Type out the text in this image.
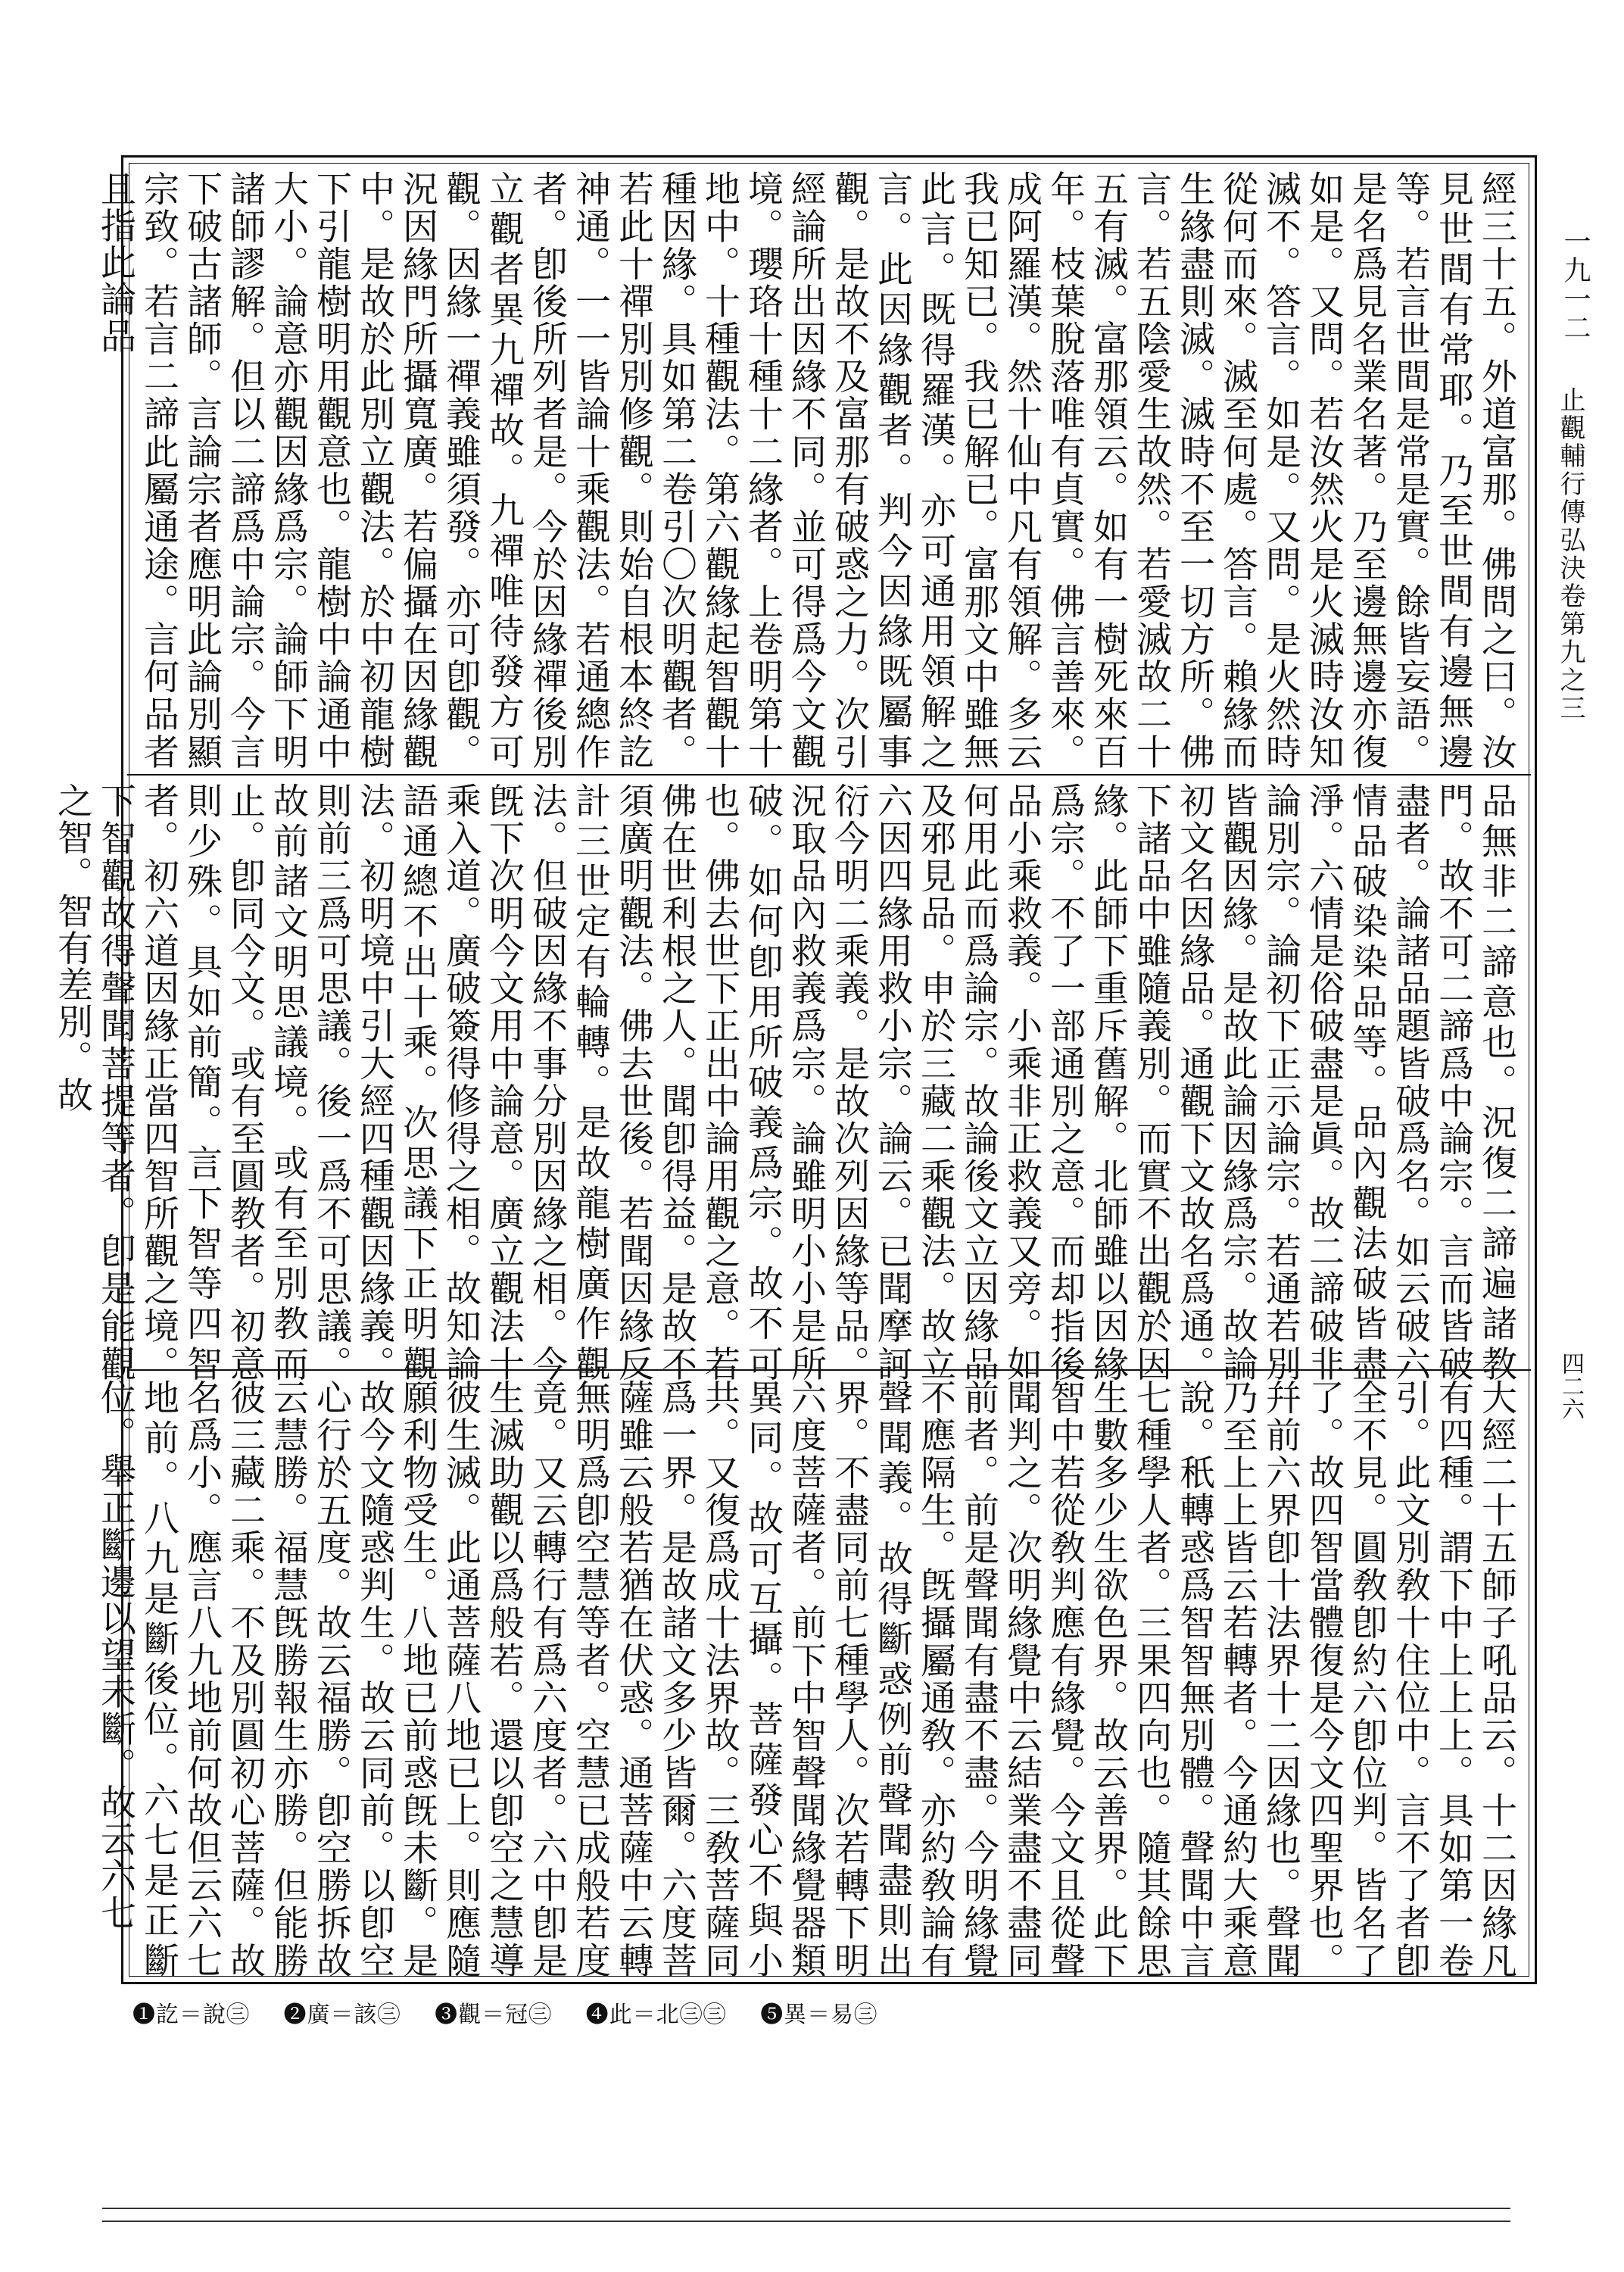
一九一二
止觀輔行傳弘決卷第九之三
四二六

經三十五。外道富那。佛問之曰。汝見世間有常耶。乃至世間有邊無邊等。若言世間是常是實。餘皆妄語。是名爲見名業名著。乃至邊無邊亦復如是。又問。若汝然火是火滅時汝知滅不。答言。如是。又問。是火然時從何而來。滅至何處。答言。賴緣而生緣盡則滅。滅時不至一切方所。佛言。若五陰愛生故然。若愛滅故二十五有滅。富那領云。如有一樹死來百年。枝葉脫落唯有貞實。佛言善來。成阿羅漢。然十仙中凡有領解。多云我已知已。我已解已。富那文中雖無此言。既得羅漢。亦可通用領解之言。此因緣觀者。判今因緣既屬事觀。是故不及富那有破惑之力。次引經論所出因緣不同。並可得爲今文觀境。瓔珞十種十二緣者。上卷明第十地中。十種觀法。第六觀緣起智觀十種因緣。具如第二卷引〇次明觀者。若此十禪別別修觀。則始自根本終訖神通。一一皆論十乘觀法。若通總作者。卽後所列者是。今於因緣禪後別立觀者異九禪故。九禪唯待發方可觀。因緣一禪義雖須發。亦可卽觀。況因緣門所攝寬廣。若偏攝在因緣觀中。是故於此別立觀法。於中初龍樹下引龍樹明用觀意也。龍樹中論通中大小。論意亦觀因緣爲宗。論師下明諸師謬解。但以二諦爲中論宗。今言下破古諸師。言論宗者應明此論別顯宗致。若言二諦此屬通途。言何品者且指此論品

品無非二諦意也。況復二諦遍諸教門。故不可二諦爲中論宗。言而皆破盡者。論諸品題皆破爲名。如云破六情品破染染品等。品內觀法破皆盡淨。六情是俗破盡是眞。故二諦破非論別宗。論初下正示論宗。若通若別皆觀因緣。是故此論因緣爲宗。故論初文名因緣品。通觀下文故名爲通。下諸品中雖隨義別。而實不出觀於因緣。此師下重斥舊解。北師雖以因緣爲宗。不了一部通別之意。而却指後品小乘救義。小乘非正救義又旁。如何用此而爲論宗。故論後文立因緣品及邪見品。申於三藏二乘觀法。故立六因四緣用救小宗。論云。已聞摩訶衍今明二乘義。是故次列因緣等品。況取品內救義爲宗。論雖明小小是所破。如何卽用所破義爲宗。故不可也。佛去世下正出中論用觀之意。若佛在世利根之人。聞卽得益。是故不須廣明觀法。佛去世後。若聞因緣反計三世定有輪轉。是故龍樹廣作觀法。但破因緣不事分別因緣之相。今旣下次明今文用中論意。廣立觀法十乘入道。廣破簽得修得之相。故知論語通總不出十乘。次思議下正明觀法。初明境中引大經四種觀因緣義。則前三爲可思議。後一爲不可思議。故前諸文明思議境。或有至別教而止。卽同今文。或有至圓教者。初意則少殊。具如前簡。言下智等四智者。初六道因緣正當四智所觀之境。下智觀故得聲聞菩提等者。卽是能觀之智。智有差別。故

大經二十五師子吼品云。十二因緣凡有四種。謂下中上上上。具如第一卷引。此文別敎十住位中。言不了者卽全不見。圓敎卽約六卽位判。皆名了了。故四智當體復是今文四聖界也。幷前六界卽十法界十二因緣也。聲聞乃至上上皆云若轉者。今通約大乘意說。秖轉惑爲智智無別體。聲聞中言七種學人者。三果四向也。隨其餘思生數多少生欲色界。故云善界。此下智中若從敎判應有緣覺。今文且從聲聞判之。次明緣覺中云結業盡不盡同前者。前是聲聞有盡不盡。今明緣覺不應隔生。旣攝屬通敎。亦約敎論有聲聞義。故得斷惑例前聲聞盡則出界。不盡同前七種學人。次若轉下明六度菩薩者。前下中智聲聞緣覺器類異同。故可互攝。菩薩發心不與小共。又復爲成十法界故。三敎菩薩同爲一界。是故諸文多少皆爾。六度菩薩雖云般若猶在伏惑。通菩薩中云轉無明爲卽空慧等者。空慧已成般若度竟。又云轉行有爲六度者。六中卽是生滅助觀以爲般若。還以卽空之慧導彼生滅。此通菩薩八地已上。則應隨願利物受生。八地已前惑旣未斷。是故今文隨惑判生。故云同前。以卽空心行於五度。故云福勝。卽空勝拆故云慧勝。福慧旣勝報生亦勝。但能勝彼三藏二乘。不及別圓初心菩薩。故名爲小。應言八九地前何故但云六七地前。八九是斷後位。六七是正斷位。舉正斷邊以望未斷。故云六七

❶訖＝說㊂ ❷廣＝該㊂ ❸觀＝冠㊂ ❹此＝北㊂㊂ ❺異＝易㊂
